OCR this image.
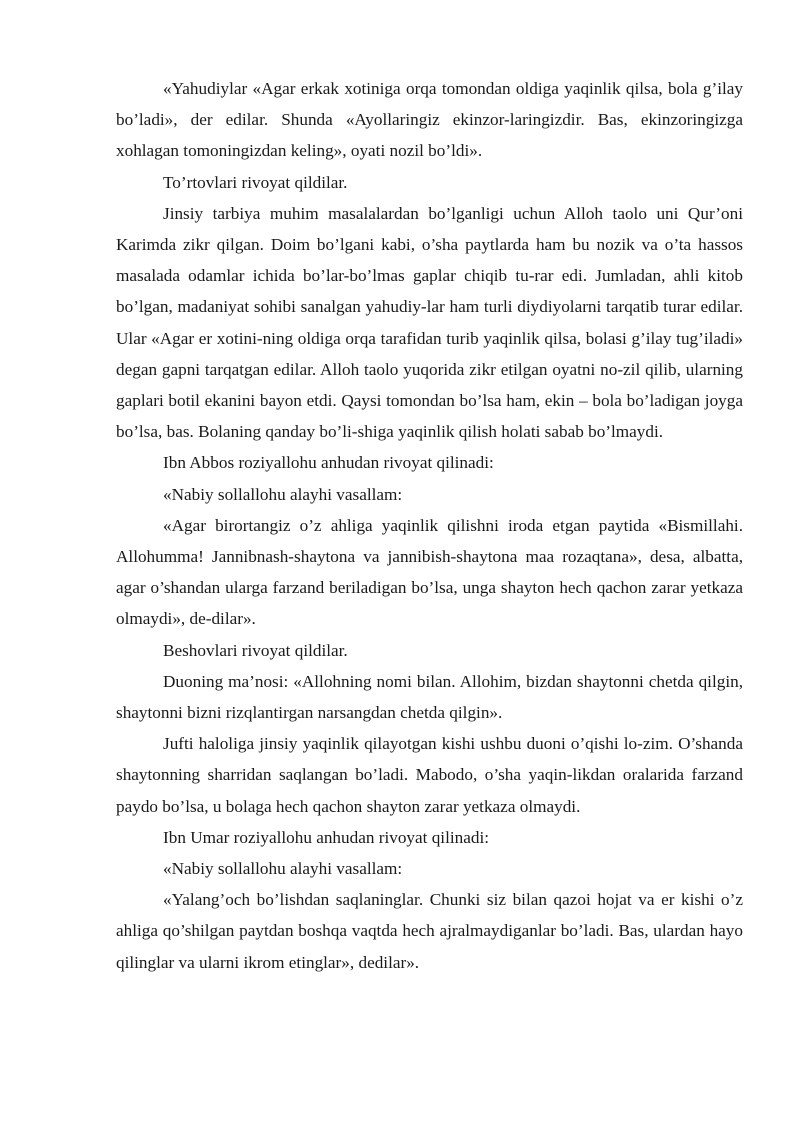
«Yahudiylar «Agar erkak xotiniga orqa tomondan oldiga yaqinlik qilsa, bola g’ilay bo’ladi», der edilar. Shunda «Ayollaringiz ekinzor-laringizdir. Bas, ekinzoringizga xohlagan tomoningizdan keling», oyati nozil bo’ldi».

To’rtovlari rivoyat qildilar.

Jinsiy tarbiya muhim masalalardan bo’lganligi uchun Alloh taolo uni Qur’oni Karimda zikr qilgan. Doim bo’lgani kabi, o’sha paytlarda ham bu nozik va o’ta hassos masalada odamlar ichida bo’lar-bo’lmas gaplar chiqib tu-rar edi. Jumladan, ahli kitob bo’lgan, madaniyat sohibi sanalgan yahudiy-lar ham turli diydiyolarni tarqatib turar edilar. Ular «Agar er xotini-ning oldiga orqa tarafidan turib yaqinlik qilsa, bolasi g’ilay tug’iladi» degan gapni tarqatgan edilar. Alloh taolo yuqorida zikr etilgan oyatni no-zil qilib, ularning gaplari botil ekanini bayon etdi. Qaysi tomondan bo’lsa ham, ekin – bola bo’ladigan joyga bo’lsa, bas. Bolaning qanday bo’li-shiga yaqinlik qilish holati sabab bo’lmaydi.

Ibn Abbos roziyallohu anhudan rivoyat qilinadi:

«Nabiy sollallohu alayhi vasallam:

«Agar birortangiz o’z ahliga yaqinlik qilishni iroda etgan paytida «Bismillahi. Allohumma! Jannibnash-shaytona va jannibish-shaytona maa rozaqtana», desa, albatta, agar o’shandan ularga farzand beriladigan bo’lsa, unga shayton hech qachon zarar yetkaza olmaydi», de-dilar».

Beshovlari rivoyat qildilar.

Duoning ma’nosi: «Allohning nomi bilan. Allohim, bizdan shaytonni chetda qilgin, shaytonni bizni rizqlantirgan narsangdan chetda qilgin».

Jufti haloliga jinsiy yaqinlik qilayotgan kishi ushbu duoni o’qishi lo-zim. O’shanda shaytonning sharridan saqlangan bo’ladi. Mabodo, o’sha yaqin-likdan oralarida farzand paydo bo’lsa, u bolaga hech qachon shayton zarar yetkaza olmaydi.

Ibn Umar roziyallohu anhudan rivoyat qilinadi:

«Nabiy sollallohu alayhi vasallam:

«Yalang’och bo’lishdan saqlaninglar. Chunki siz bilan qazoi hojat va er kishi o’z ahliga qo’shilgan paytdan boshqa vaqtda hech ajralmaydiganlar bo’ladi. Bas, ulardan hayo qilinglar va ularni ikrom etinglar», dedilar».
